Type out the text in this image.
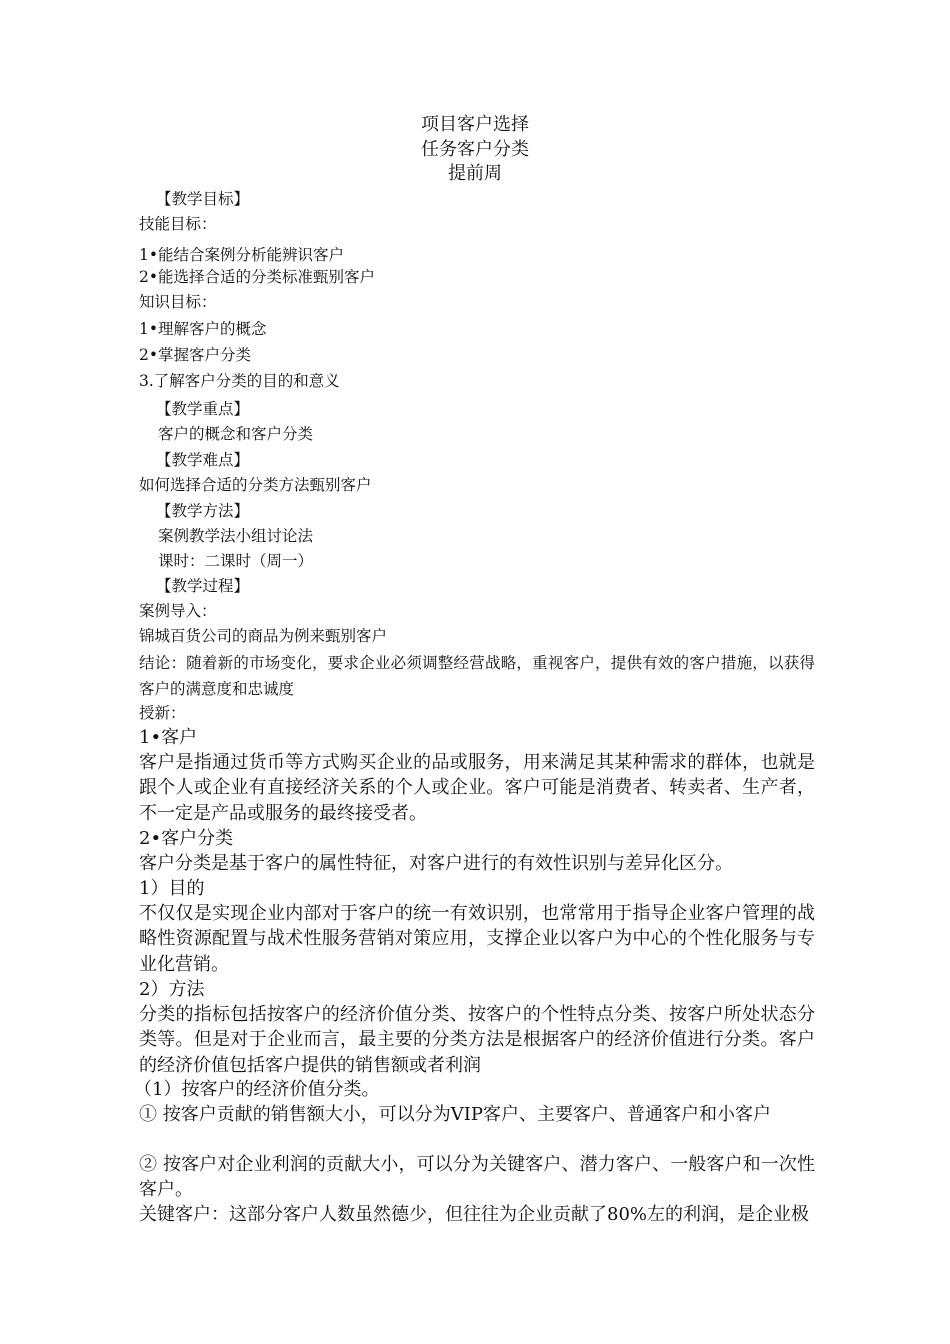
项目客户选择
任务客户分类
提前周
【教学目标】
技能目标：
1•能结合案例分析能辨识客户
2•能选择合适的分类标准甄别客户
知识目标：
1•理解客户的概念
2•掌握客户分类
3.了解客户分类的目的和意义
【教学重点】
客户的概念和客户分类
【教学难点】
如何选择合适的分类方法甄别客户
【教学方法】
案例教学法小组讨论法
课时：二课时（周一）
【教学过程】
案例导入：
锦城百货公司的商品为例来甄别客户
结论：随着新的市场变化，要求企业必须调整经营战略，重视客户，提供有效的客户措施，以获得客户的满意度和忠诚度
授新：
1•客户
客户是指通过货币等方式购买企业的品或服务，用来满足其某种需求的群体，也就是跟个人或企业有直接经济关系的个人或企业。客户可能是消费者、转卖者、生产者，不一定是产品或服务的最终接受者。
2•客户分类
客户分类是基于客户的属性特征，对客户进行的有效性识别与差异化区分。
1）目的
不仅仅是实现企业内部对于客户的统一有效识别，也常常用于指导企业客户管理的战略性资源配置与战术性服务营销对策应用，支撑企业以客户为中心的个性化服务与专业化营销。
2）方法
分类的指标包括按客户的经济价值分类、按客户的个性特点分类、按客户所处状态分类等。但是对于企业而言，最主要的分类方法是根据客户的经济价值进行分类。客户的经济价值包括客户提供的销售额或者利润
（1）按客户的经济价值分类。
① 按客户贡献的销售额大小，可以分为VIP客户、主要客户、普通客户和小客户
② 按客户对企业利润的贡献大小，可以分为关键客户、潜力客户、一般客户和一次性客户。
关键客户：这部分客户人数虽然德少，但往往为企业贡献了80%左的利润，是企业极
